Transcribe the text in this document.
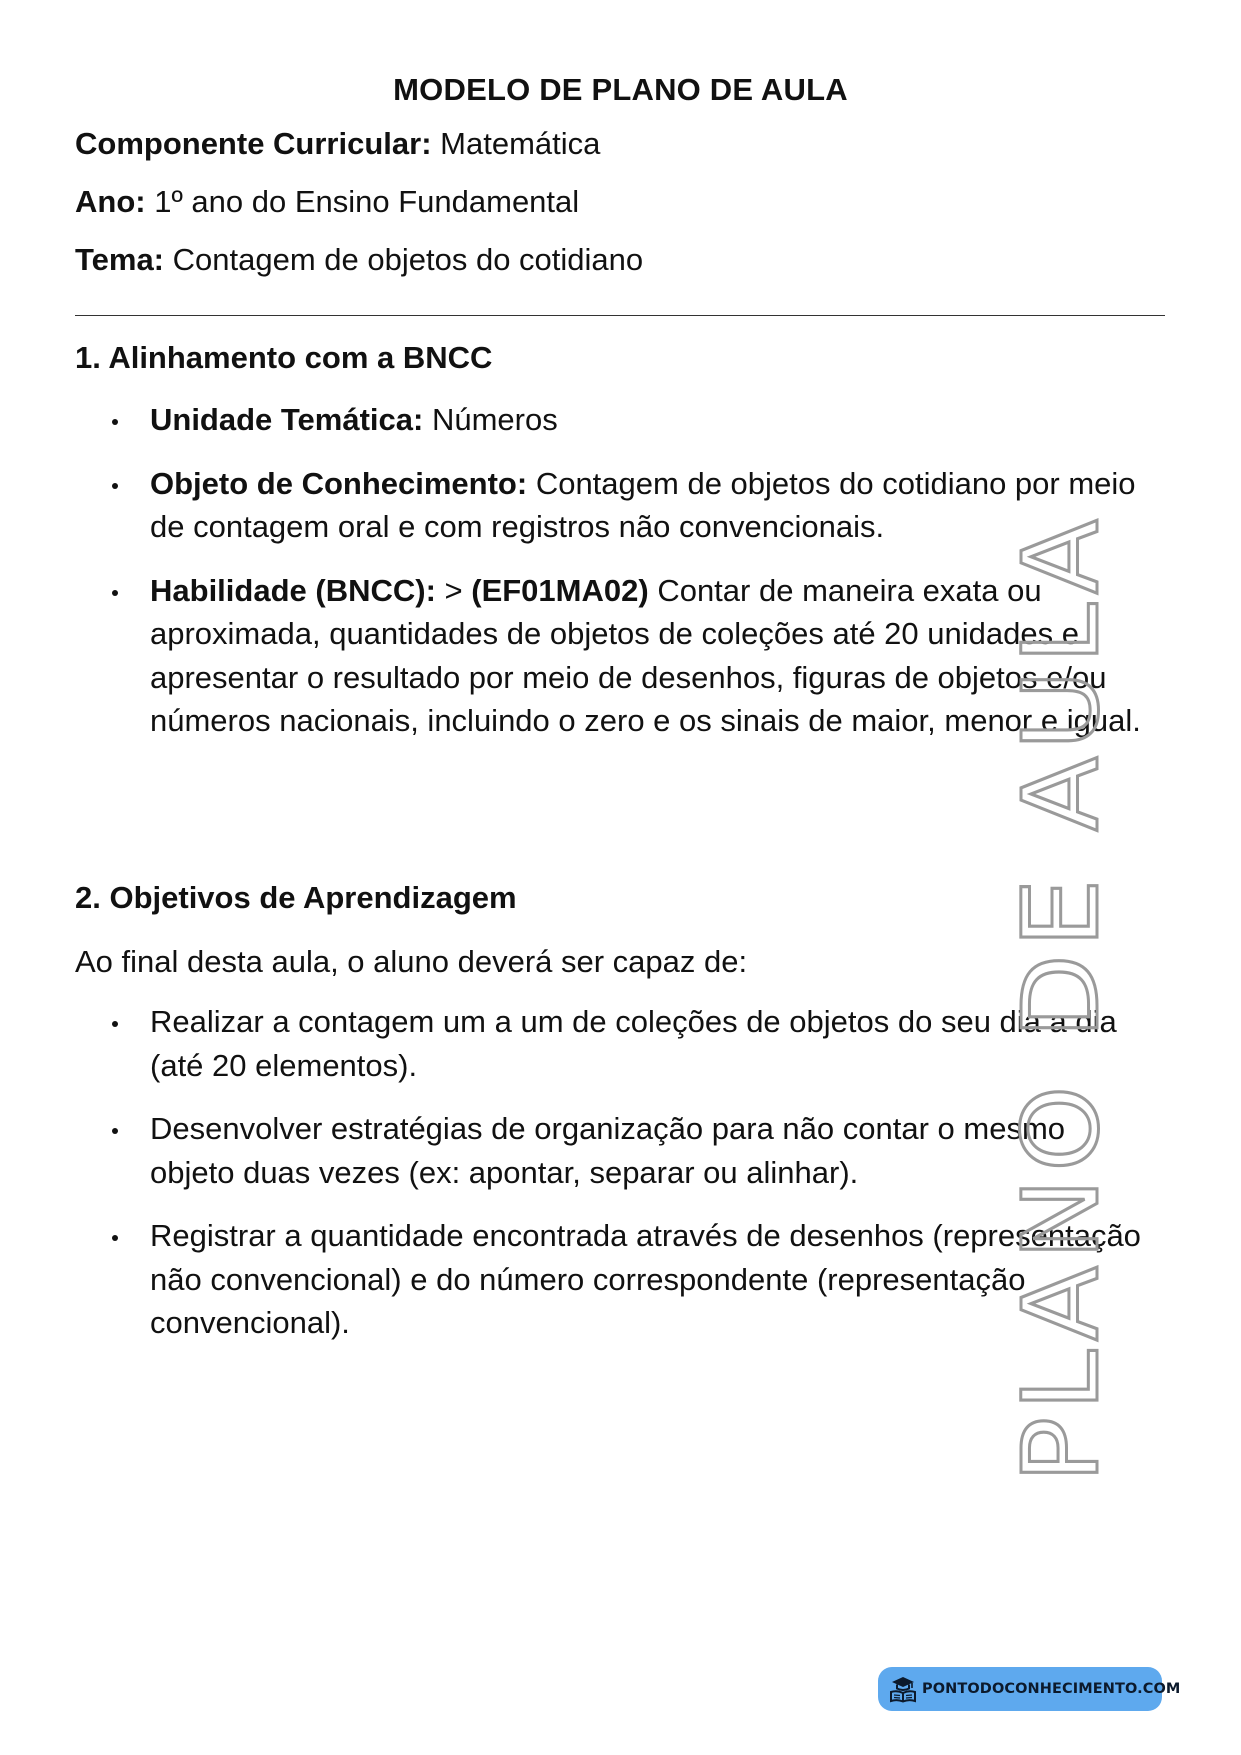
MODELO DE PLANO DE AULA
Componente Curricular: Matemática
Ano: 1º ano do Ensino Fundamental
Tema: Contagem de objetos do cotidiano
1. Alinhamento com a BNCC
Unidade Temática: Números
Objeto de Conhecimento: Contagem de objetos do cotidiano por meio de contagem oral e com registros não convencionais.
Habilidade (BNCC): > (EF01MA02) Contar de maneira exata ou aproximada, quantidades de objetos de coleções até 20 unidades e apresentar o resultado por meio de desenhos, figuras de objetos e/ou números nacionais, incluindo o zero e os sinais de maior, menor e igual.
2. Objetivos de Aprendizagem
Ao final desta aula, o aluno deverá ser capaz de:
Realizar a contagem um a um de coleções de objetos do seu dia a dia (até 20 elementos).
Desenvolver estratégias de organização para não contar o mesmo objeto duas vezes (ex: apontar, separar ou alinhar).
Registrar a quantidade encontrada através de desenhos (representação não convencional) e do número correspondente (representação convencional).	PLANO DE AULA
PONTODOCONHECIMENTO.COM
